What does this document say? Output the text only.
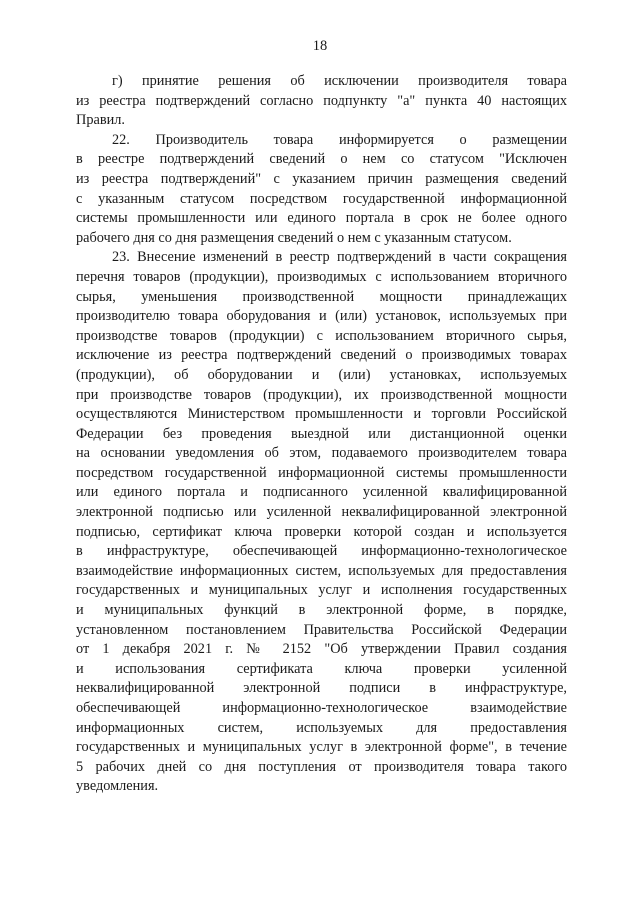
18
г) принятие решения об исключении производителя товара
из реестра подтверждений согласно подпункту "а" пункта 40 настоящих
Правил.
22. Производитель товара информируется о размещении
в реестре подтверждений сведений о нем со статусом "Исключен
из реестра подтверждений" с указанием причин размещения сведений
с указанным статусом посредством государственной информационной
системы промышленности или единого портала в срок не более одного
рабочего дня со дня размещения сведений о нем с указанным статусом.
23. Внесение изменений в реестр подтверждений в части сокращения
перечня товаров (продукции), производимых с использованием вторичного
сырья, уменьшения производственной мощности принадлежащих
производителю товара оборудования и (или) установок, используемых при
производстве товаров (продукции) с использованием вторичного сырья,
исключение из реестра подтверждений сведений о производимых товарах
(продукции), об оборудовании и (или) установках, используемых
при производстве товаров (продукции), их производственной мощности
осуществляются Министерством промышленности и торговли Российской
Федерации без проведения выездной или дистанционной оценки
на основании уведомления об этом, подаваемого производителем товара
посредством государственной информационной системы промышленности
или единого портала и подписанного усиленной квалифицированной
электронной подписью или усиленной неквалифицированной электронной
подписью, сертификат ключа проверки которой создан и используется
в инфраструктуре, обеспечивающей информационно-технологическое
взаимодействие информационных систем, используемых для предоставления
государственных и муниципальных услуг и исполнения государственных
и муниципальных функций в электронной форме, в порядке,
установленном постановлением Правительства Российской Федерации
от 1 декабря 2021 г. № 2152 "Об утверждении Правил создания
и использования сертификата ключа проверки усиленной
неквалифицированной электронной подписи в инфраструктуре,
обеспечивающей информационно-технологическое взаимодействие
информационных систем, используемых для предоставления
государственных и муниципальных услуг в электронной форме", в течение
5 рабочих дней со дня поступления от производителя товара такого
уведомления.
